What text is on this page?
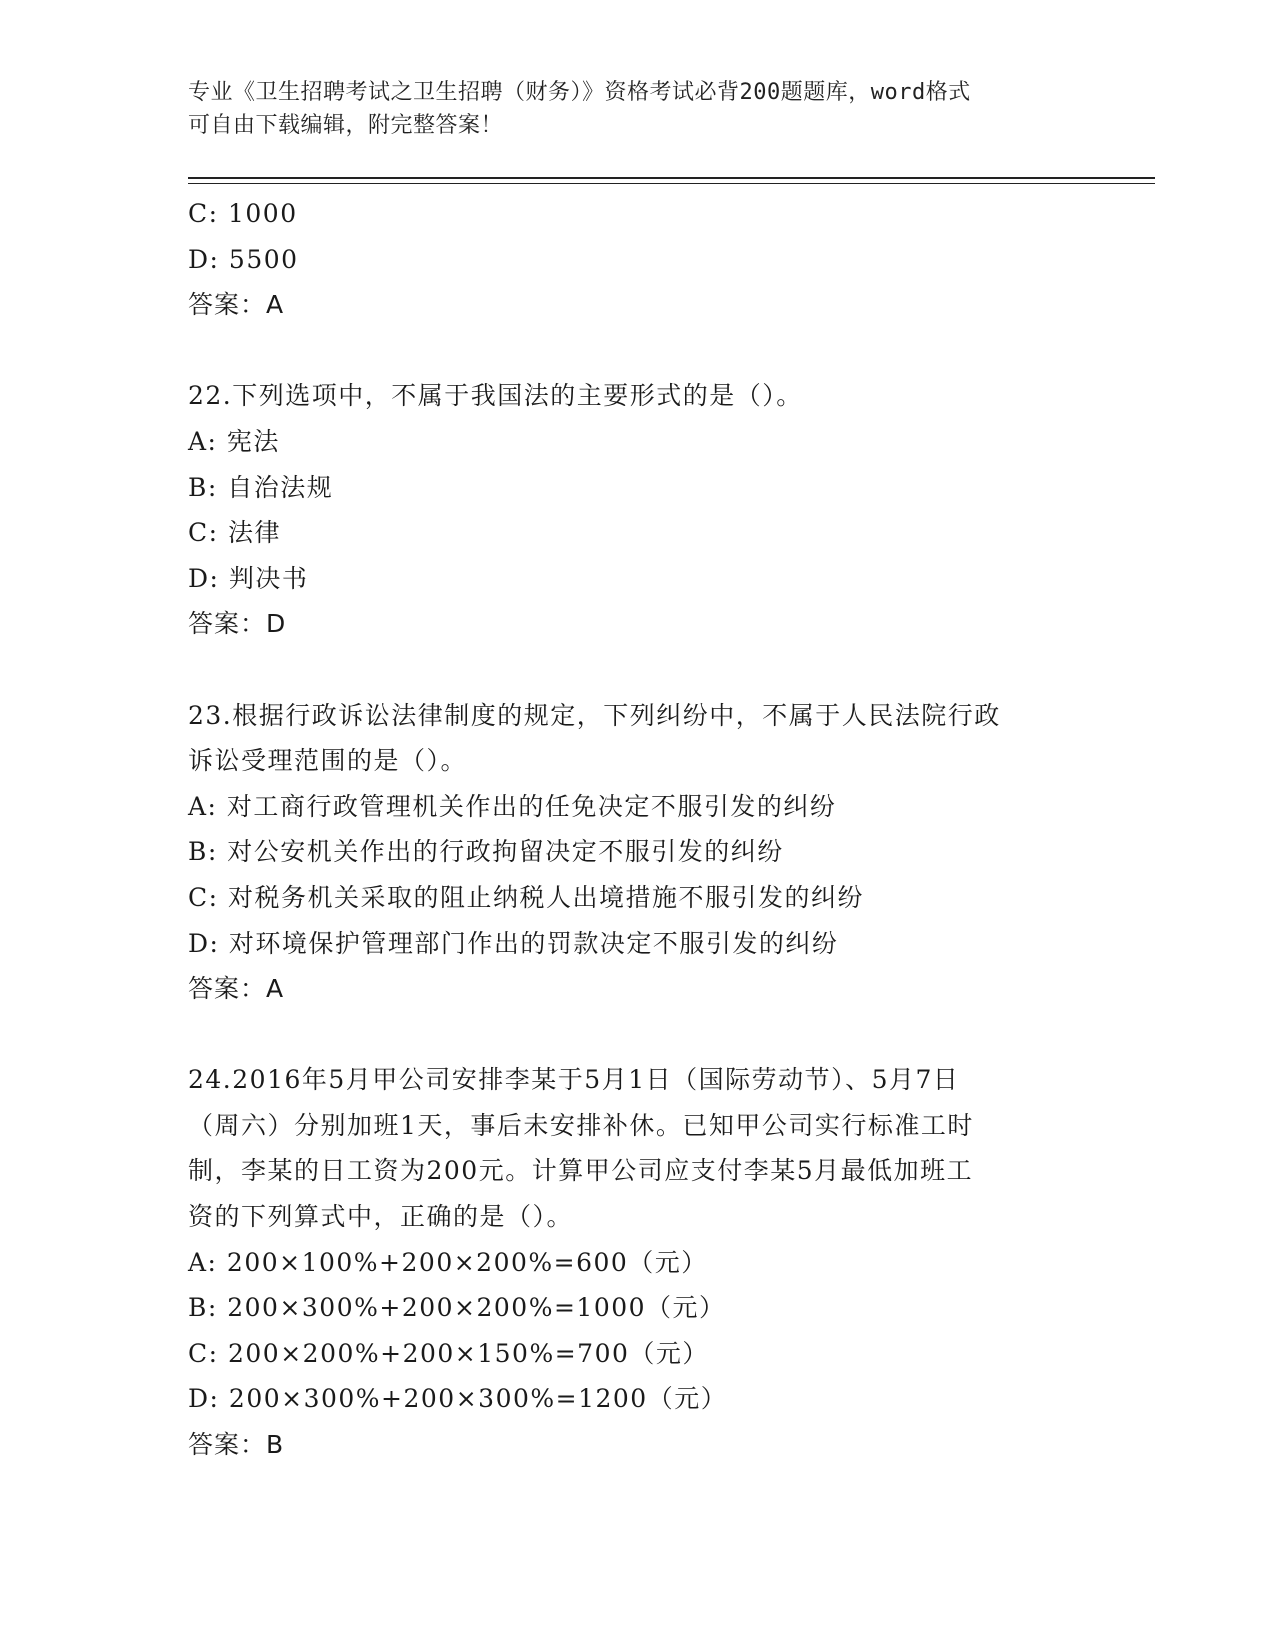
专业《卫生招聘考试之卫生招聘（财务）》资格考试必背200题题库，word格式
可自由下载编辑，附完整答案！
C: 1000
D: 5500
答案：A
22.下列选项中，不属于我国法的主要形式的是（）。
A: 宪法
B: 自治法规
C: 法律
D: 判决书
答案：D
23.根据行政诉讼法律制度的规定，下列纠纷中，不属于人民法院行政
诉讼受理范围的是（）。
A: 对工商行政管理机关作出的任免决定不服引发的纠纷
B: 对公安机关作出的行政拘留决定不服引发的纠纷
C: 对税务机关采取的阻止纳税人出境措施不服引发的纠纷
D: 对环境保护管理部门作出的罚款决定不服引发的纠纷
答案：A
24.2016年5月甲公司安排李某于5月1日（国际劳动节）、5月7日
（周六）分别加班1天，事后未安排补休。已知甲公司实行标准工时
制，李某的日工资为200元。计算甲公司应支付李某5月最低加班工
资的下列算式中，正确的是（）。
A: 200×100%+200×200%=600（元）
B: 200×300%+200×200%=1000（元）
C: 200×200%+200×150%=700（元）
D: 200×300%+200×300%=1200（元）
答案：B
